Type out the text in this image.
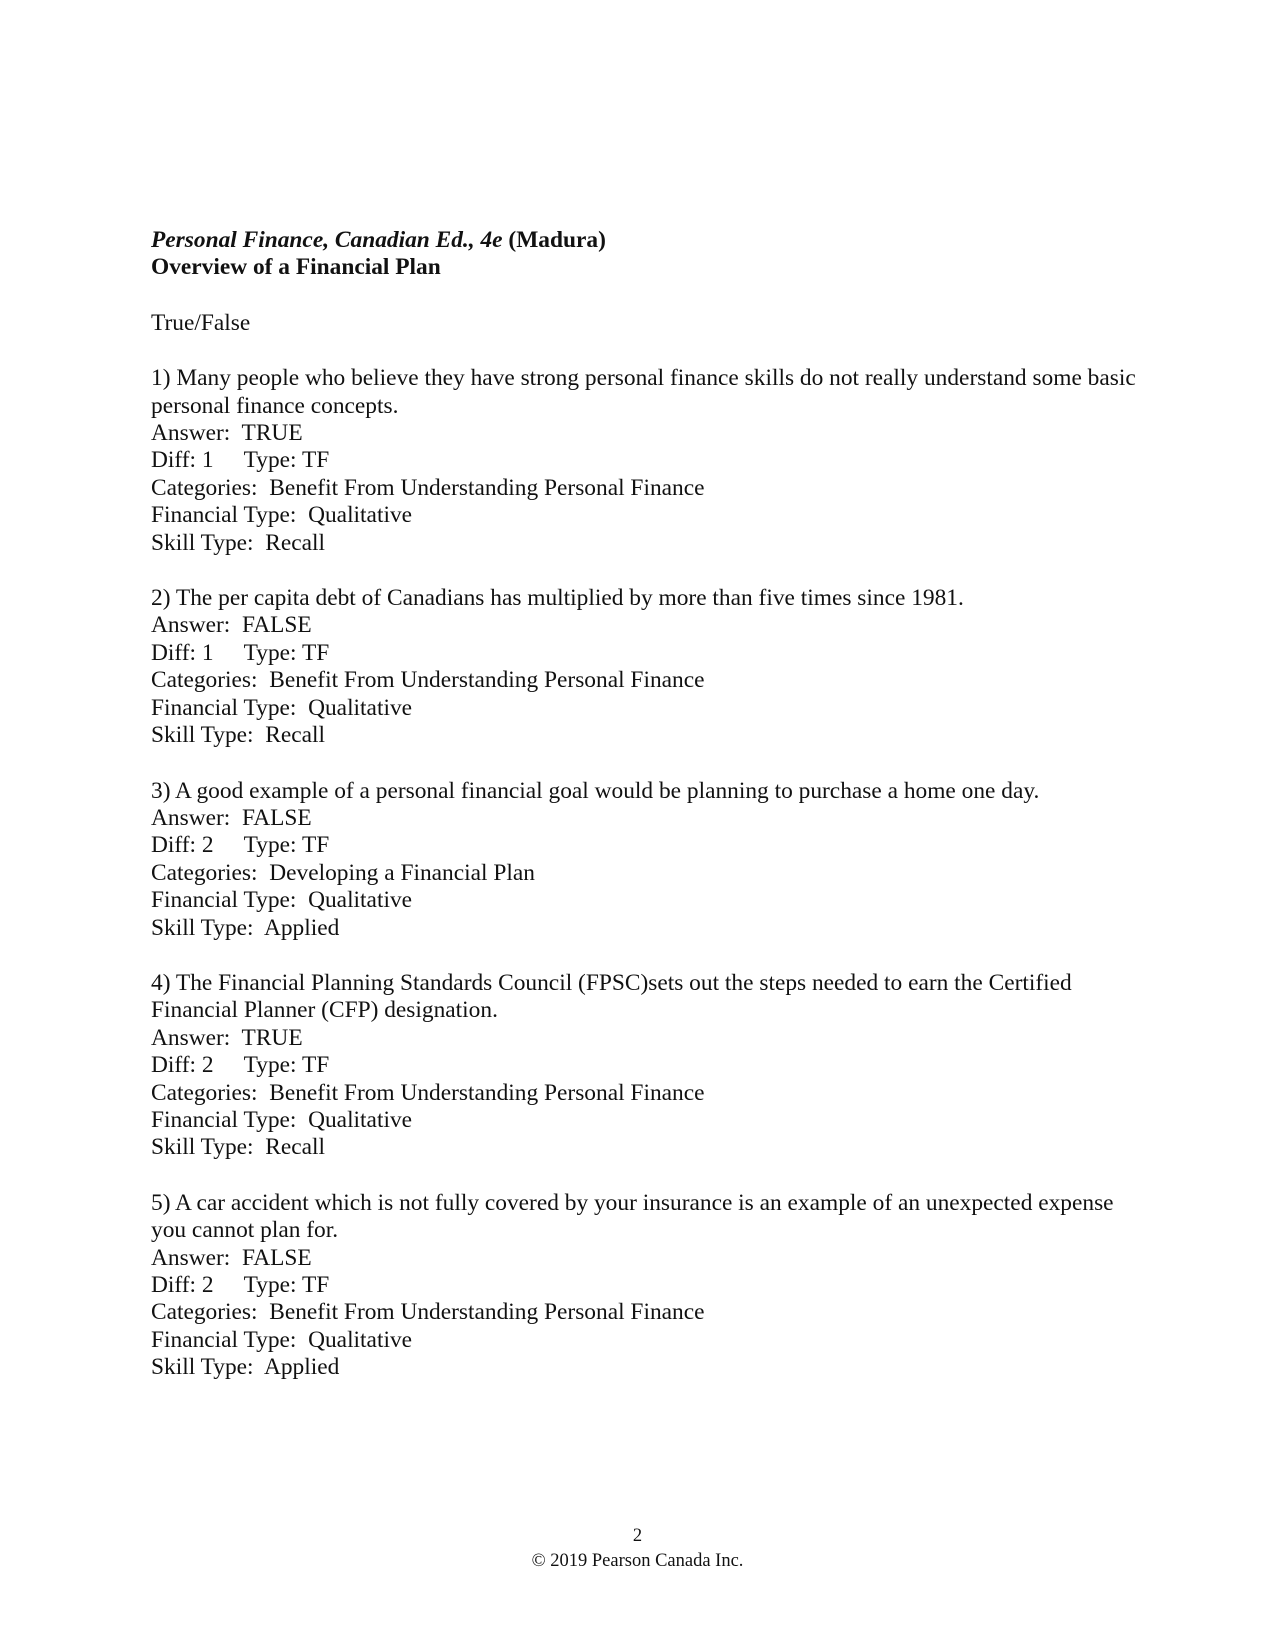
Personal Finance, Canadian Ed., 4e (Madura)
Overview of a Financial Plan
True/False
1) Many people who believe they have strong personal finance skills do not really understand some basic personal finance concepts.
Answer:  TRUE
Diff: 1 Type: TF
Categories:  Benefit From Understanding Personal Finance
Financial Type:  Qualitative
Skill Type:  Recall
2) The per capita debt of Canadians has multiplied by more than five times since 1981.
Answer:  FALSE
Diff: 1 Type: TF
Categories:  Benefit From Understanding Personal Finance
Financial Type:  Qualitative
Skill Type:  Recall
3) A good example of a personal financial goal would be planning to purchase a home one day.
Answer:  FALSE
Diff: 2 Type: TF
Categories:  Developing a Financial Plan
Financial Type:  Qualitative
Skill Type:  Applied
4) The Financial Planning Standards Council (FPSC)sets out the steps needed to earn the Certified Financial Planner (CFP) designation.
Answer:  TRUE
Diff: 2 Type: TF
Categories:  Benefit From Understanding Personal Finance
Financial Type:  Qualitative
Skill Type:  Recall
5) A car accident which is not fully covered by your insurance is an example of an unexpected expense you cannot plan for.
Answer:  FALSE
Diff: 2 Type: TF
Categories:  Benefit From Understanding Personal Finance
Financial Type:  Qualitative
Skill Type:  Applied
2
© 2019 Pearson Canada Inc.
